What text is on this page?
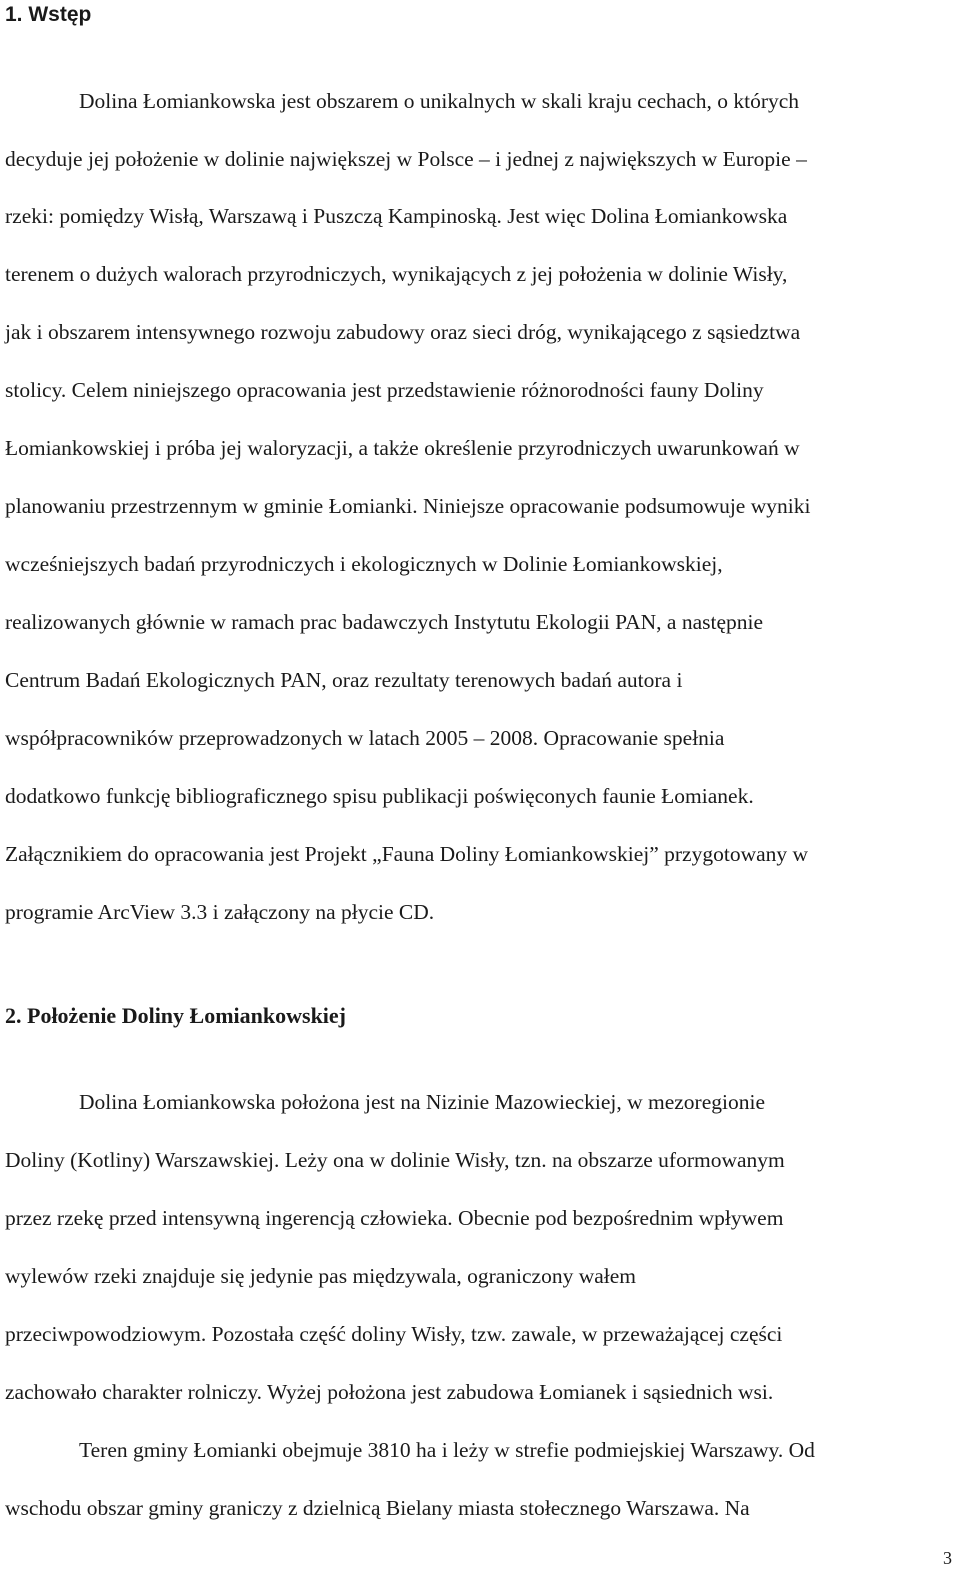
1. Wstęp

Dolina Łomiankowska jest obszarem o unikalnych w skali kraju cechach, o których

decyduje jej położenie w dolinie największej w Polsce – i jednej z największych w Europie –

rzeki: pomiędzy Wisłą, Warszawą i Puszczą Kampinoską. Jest więc Dolina Łomiankowska

terenem o dużych walorach przyrodniczych, wynikających z jej położenia w dolinie Wisły,

jak i obszarem intensywnego rozwoju zabudowy oraz sieci dróg, wynikającego z sąsiedztwa

stolicy. Celem niniejszego opracowania jest przedstawienie różnorodności fauny Doliny

Łomiankowskiej i próba jej waloryzacji, a także określenie przyrodniczych uwarunkowań w

planowaniu przestrzennym w gminie Łomianki. Niniejsze opracowanie podsumowuje wyniki

wcześniejszych badań przyrodniczych i ekologicznych w Dolinie Łomiankowskiej,

realizowanych głównie w ramach prac badawczych Instytutu Ekologii PAN, a następnie

Centrum Badań Ekologicznych PAN, oraz rezultaty terenowych badań autora i

współpracowników przeprowadzonych w latach 2005 – 2008. Opracowanie spełnia

dodatkowo funkcję bibliograficznego spisu publikacji poświęconych faunie Łomianek.

Załącznikiem do opracowania jest Projekt „Fauna Doliny Łomiankowskiej” przygotowany w

programie ArcView 3.3 i załączony na płycie CD.

2. Położenie Doliny Łomiankowskiej

Dolina Łomiankowska położona jest na Nizinie Mazowieckiej, w mezoregionie

Doliny (Kotliny) Warszawskiej. Leży ona w dolinie Wisły, tzn. na obszarze uformowanym

przez rzekę przed intensywną ingerencją człowieka. Obecnie pod bezpośrednim wpływem

wylewów rzeki znajduje się jedynie pas międzywala, ograniczony wałem

przeciwpowodziowym. Pozostała część doliny Wisły, tzw. zawale, w przeważającej części

zachowało charakter rolniczy. Wyżej położona jest zabudowa Łomianek i sąsiednich wsi.

Teren gminy Łomianki obejmuje 3810 ha i leży w strefie podmiejskiej Warszawy. Od

wschodu obszar gminy graniczy z dzielnicą Bielany miasta stołecznego Warszawa. Na

3
